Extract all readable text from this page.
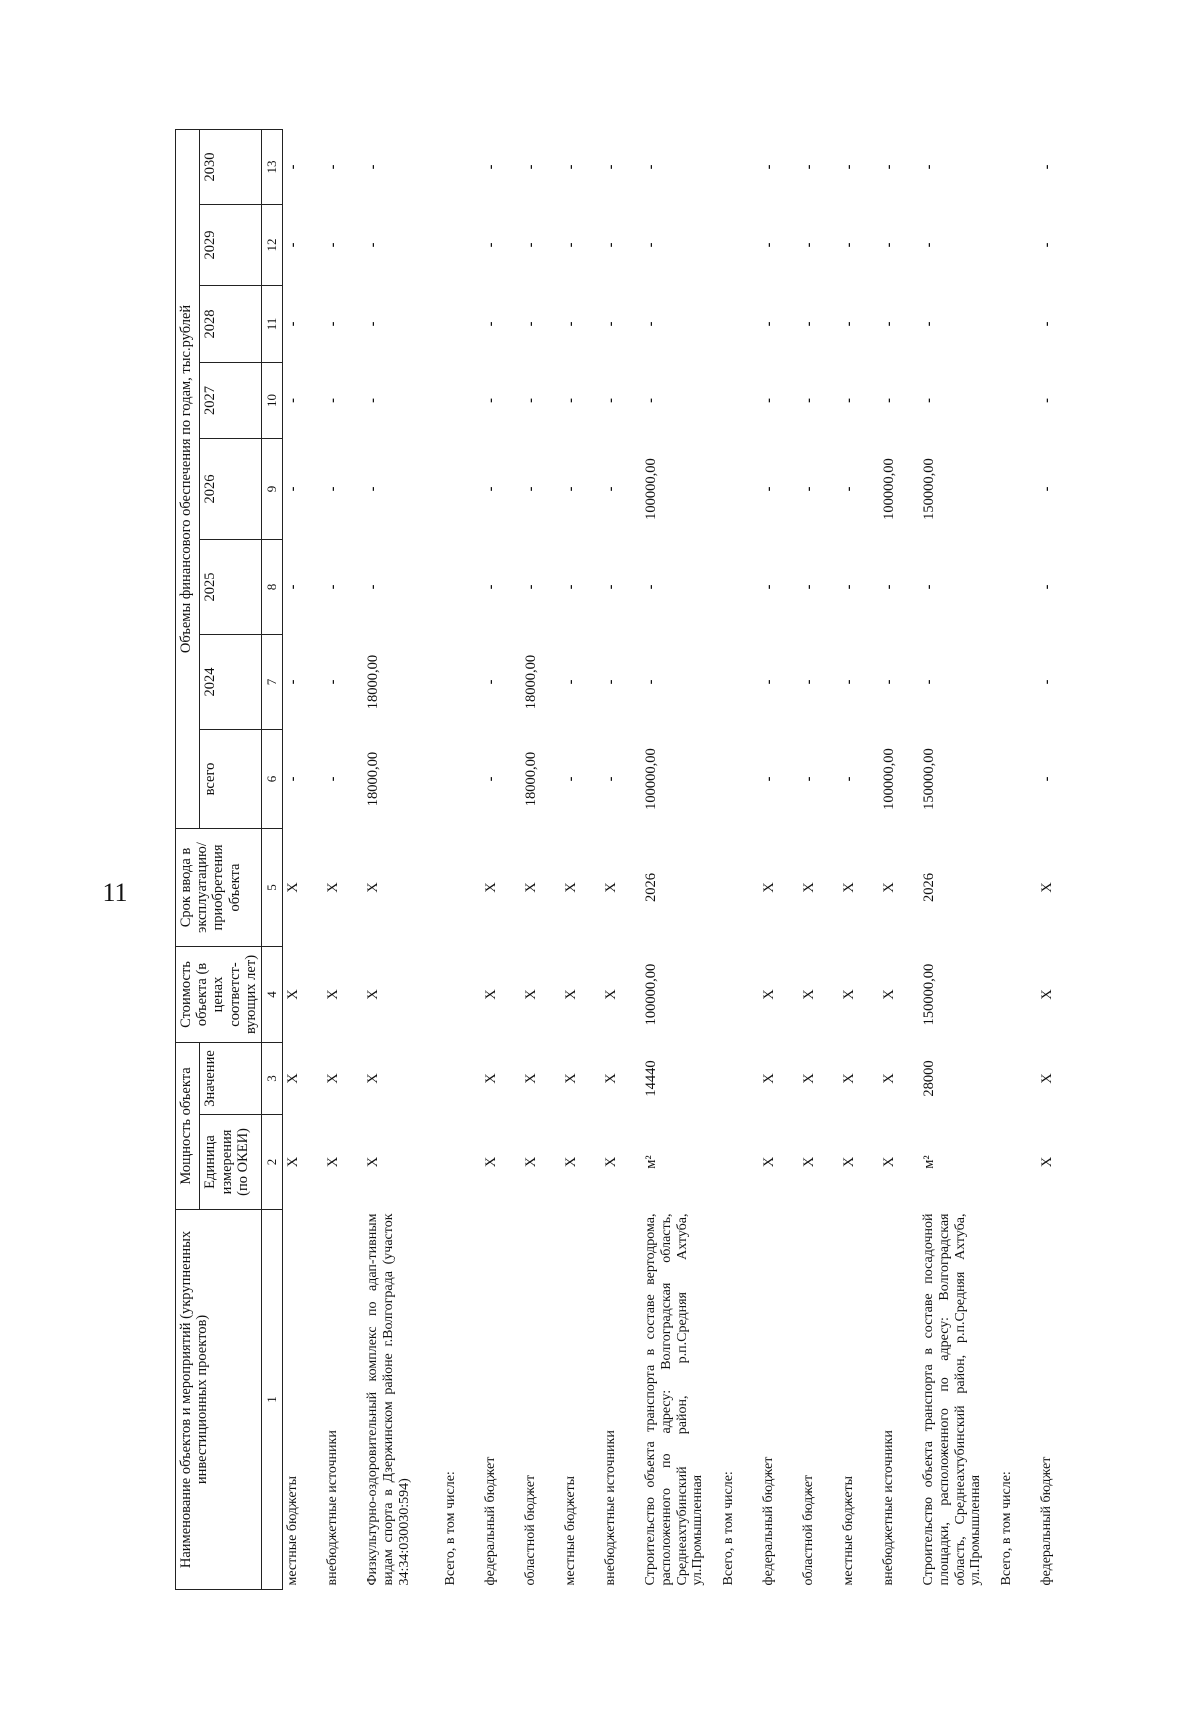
11
Наименование объектов и мероприятий (укрупненных инвестиционных проектов)	Мощность объекта		Стоимость объекта (в ценах соответст-вующих лет)	Срок ввода в эксплуатацию/ приобретения объекта	Объемы финансового обеспечения по годам, тыс.рублей							
	Единица измерения (по ОКЕИ)	Значение			всего	2024	2025	2026	2027	2028	2029	2030
1	2	3	4	5	6	7	8	9	10	11	12	13
местные бюджеты	X	X	X	X	-	-	-	-	-	-	-	-
внебюджетные источники	X	X	X	X	-	-	-	-	-	-	-	-
Физкультурно-оздоровительный комплекс по адап-тивным видам спорта в Дзержинском районе г.Волгограда (участок 34:34:030030:594)	X	X	X	X	18000,00	18000,00	-	-	-	-	-	-
Всего, в том числе:												
федеральный бюджет	X	X	X	X	-	-	-	-	-	-	-	-
областной бюджет	X	X	X	X	18000,00	18000,00	-	-	-	-	-	-
местные бюджеты	X	X	X	X	-	-	-	-	-	-	-	-
внебюджетные источники	X	X	X	X	-	-	-	-	-	-	-	-
Строительство объекта транспорта в составе вертодрома, расположенного по адресу: Волгоградская область, Среднеахтубинский район, р.п.Средняя Ахтуба, ул.Промышленная	м²	14440	100000,00	2026	100000,00	-	-	100000,00	-	-	-	-
Всего, в том числе:												
федеральный бюджет	X	X	X	X	-	-	-	-	-	-	-	-
областной бюджет	X	X	X	X	-	-	-	-	-	-	-	-
местные бюджеты	X	X	X	X	-	-	-	-	-	-	-	-
внебюджетные источники	X	X	X	X	100000,00	-	-	100000,00	-	-	-	-
Строительство объекта транспорта в составе посадочной площадки, расположенного по адресу: Волгоградская область, Среднеахтубинский район, р.п.Средняя Ахтуба, ул.Промышленная	м²	28000	150000,00	2026	150000,00	-	-	150000,00	-	-	-	-
Всего, в том числе:												
федеральный бюджет	X	X	X	X	-	-	-	-	-	-	-	-
